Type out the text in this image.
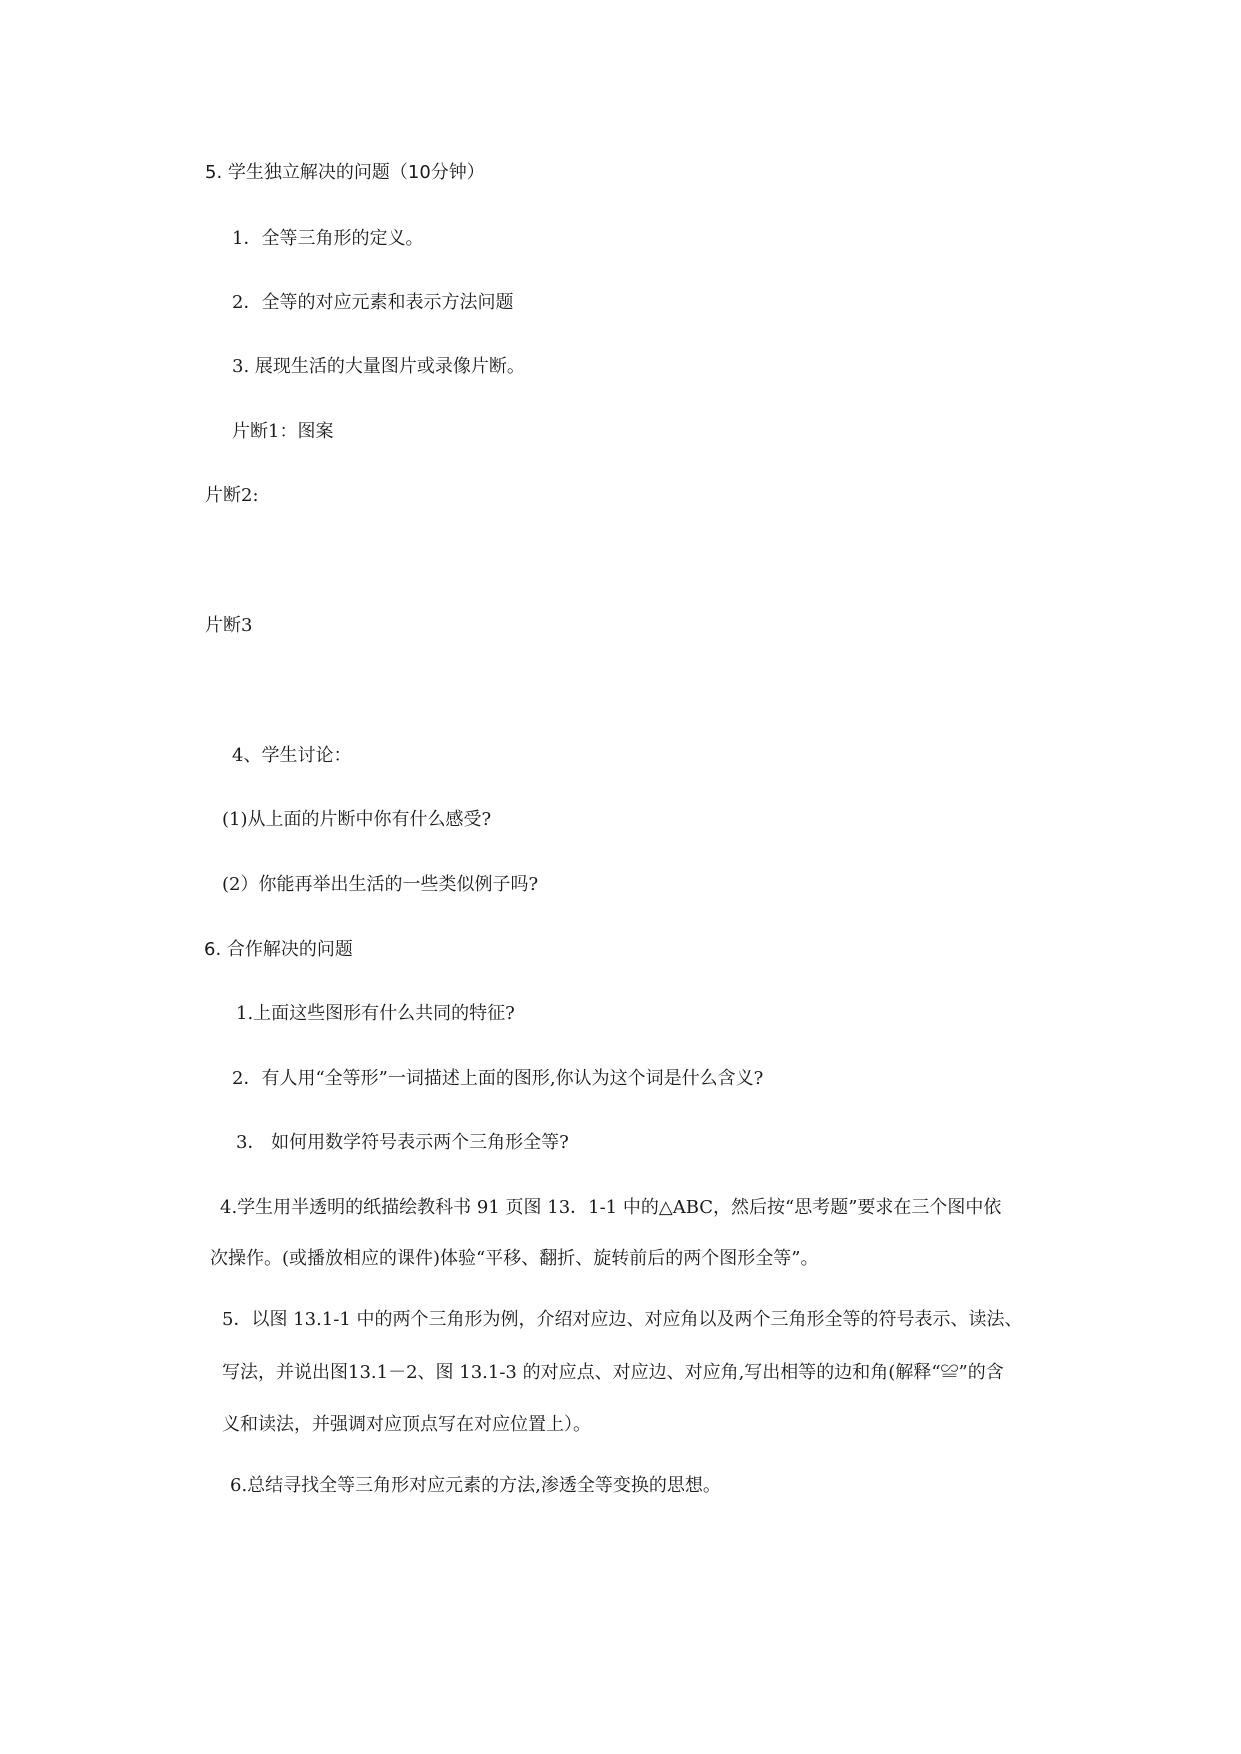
5. 学生独立解决的问题（10分钟）
1．全等三角形的定义。
2．全等的对应元素和表示方法问题
3. 展现生活的大量图片或录像片断。
片断1：图案
片断2:
片断3
4、学生讨论：
(1)从上面的片断中你有什么感受?
(2）你能再举出生活的一些类似例子吗?
6. 合作解决的问题
1.上面这些图形有什么共同的特征?
2．有人用“全等形”一词描述上面的图形,你认为这个词是什么含义?
3． 如何用数学符号表示两个三角形全等?
4.学生用半透明的纸描绘教科书 91 页图 13．1-1 中的△ABC，然后按“思考题”要求在三个图中依
次操作。(或播放相应的课件)体验“平移、翻折、旋转前后的两个图形全等”。
5．以图 13.1-1 中的两个三角形为例，介绍对应边、对应角以及两个三角形全等的符号表示、读法、
写法，并说出图13.1－2、图 13.1-3 的对应点、对应边、对应角,写出相等的边和角(解释“≌”的含
义和读法，并强调对应顶点写在对应位置上）。
6.总结寻找全等三角形对应元素的方法,渗透全等变换的思想。
